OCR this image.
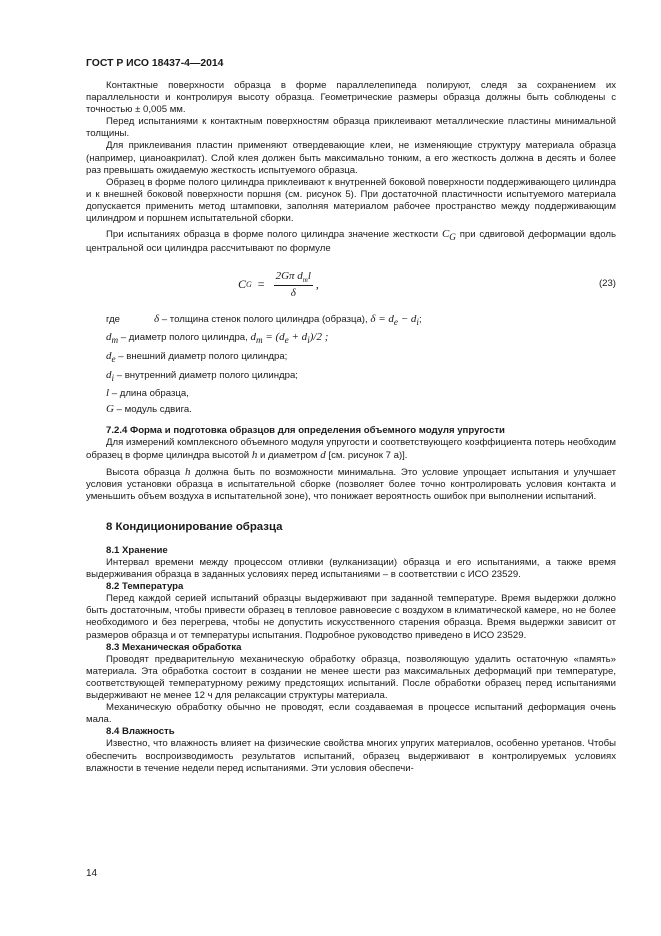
ГОСТ Р ИСО 18437-4—2014

Контактные поверхности образца в форме параллелепипеда полируют, следя за сохранением их параллельности и контролируя высоту образца. Геометрические размеры образца должны быть соблюдены с точностью ± 0,005 мм.

Перед испытаниями к контактным поверхностям образца приклеивают металлические пластины минимальной толщины.

Для приклеивания пластин применяют отвердевающие клеи, не изменяющие структуру материала образца (например, цианоакрилат). Слой клея должен быть максимально тонким, а его жесткость должна в десять и более раз превышать ожидаемую жесткость испытуемого образца.

Образец в форме полого цилиндра приклеивают к внутренней боковой поверхности поддерживающего цилиндра и к внешней боковой поверхности поршня (см. рисунок 5). При достаточной пластичности испытуемого материала допускается применить метод штамповки, заполняя материалом рабочее пространство между поддерживающим цилиндром и поршнем испытательной сборки.

При испытаниях образца в форме полого цилиндра значение жесткости $C_G$ при сдвиговой деформации вдоль центральной оси цилиндра рассчитывают по формуле

C $G = \frac{2G\pi d_ml}{\delta}$ ,	(23)
где	δ – толщина стенок полого цилиндра (образца), $\delta = d_e - d_i$;
$d_m$ – диаметр полого цилиндра, $d_m = (d_e + d_i)/2$ ;
$d_e$ – внешний диаметр полого цилиндра;
$d_i$ – внутренний диаметр полого цилиндра;
l – длина образца,
G – модуль сдвига.

7.2.4 Форма и подготовка образцов для определения объемного модуля упругости

Для измерений комплексного объемного модуля упругости и соответствующего коэффициента потерь необходим образец в форме цилиндра высотой h и диаметром d [см. рисунок 7 а)].

Высота образца h должна быть по возможности минимальна. Это условие упрощает испытания и улучшает условия установки образца в испытательной сборке (позволяет более точно контролировать условия контакта и уменьшить объем воздуха в испытательной зоне), что понижает вероятность ошибок при выполнении испытаний.

8 Кондиционирование образца

8.1 Хранение

Интервал времени между процессом отливки (вулканизации) образца и его испытаниями, а также время выдерживания образца в заданных условиях перед испытаниями – в соответствии с ИСО 23529.

8.2 Температура

Перед каждой серией испытаний образцы выдерживают при заданной температуре. Время выдержки должно быть достаточным, чтобы привести образец в тепловое равновесие с воздухом в климатической камере, но не более необходимого и без перегрева, чтобы не допустить искусственного старения образца. Время выдержки зависит от размеров образца и от температуры испытания. Подробное руководство приведено в ИСО 23529.

8.3 Механическая обработка

Проводят предварительную механическую обработку образца, позволяющую удалить остаточную «память» материала. Эта обработка состоит в создании не менее шести раз максимальных деформаций при температуре, соответствующей температурному режиму предстоящих испытаний. После обработки образец перед испытаниями выдерживают не менее 12 ч для релаксации структуры материала.

Механическую обработку обычно не проводят, если создаваемая в процессе испытаний деформация очень мала.

8.4 Влажность

Известно, что влажность влияет на физические свойства многих упругих материалов, особенно уретанов. Чтобы обеспечить воспроизводимость результатов испытаний, образец выдерживают в контролируемых условиях влажности в течение недели перед испытаниями. Эти условия обеспечи-

14
